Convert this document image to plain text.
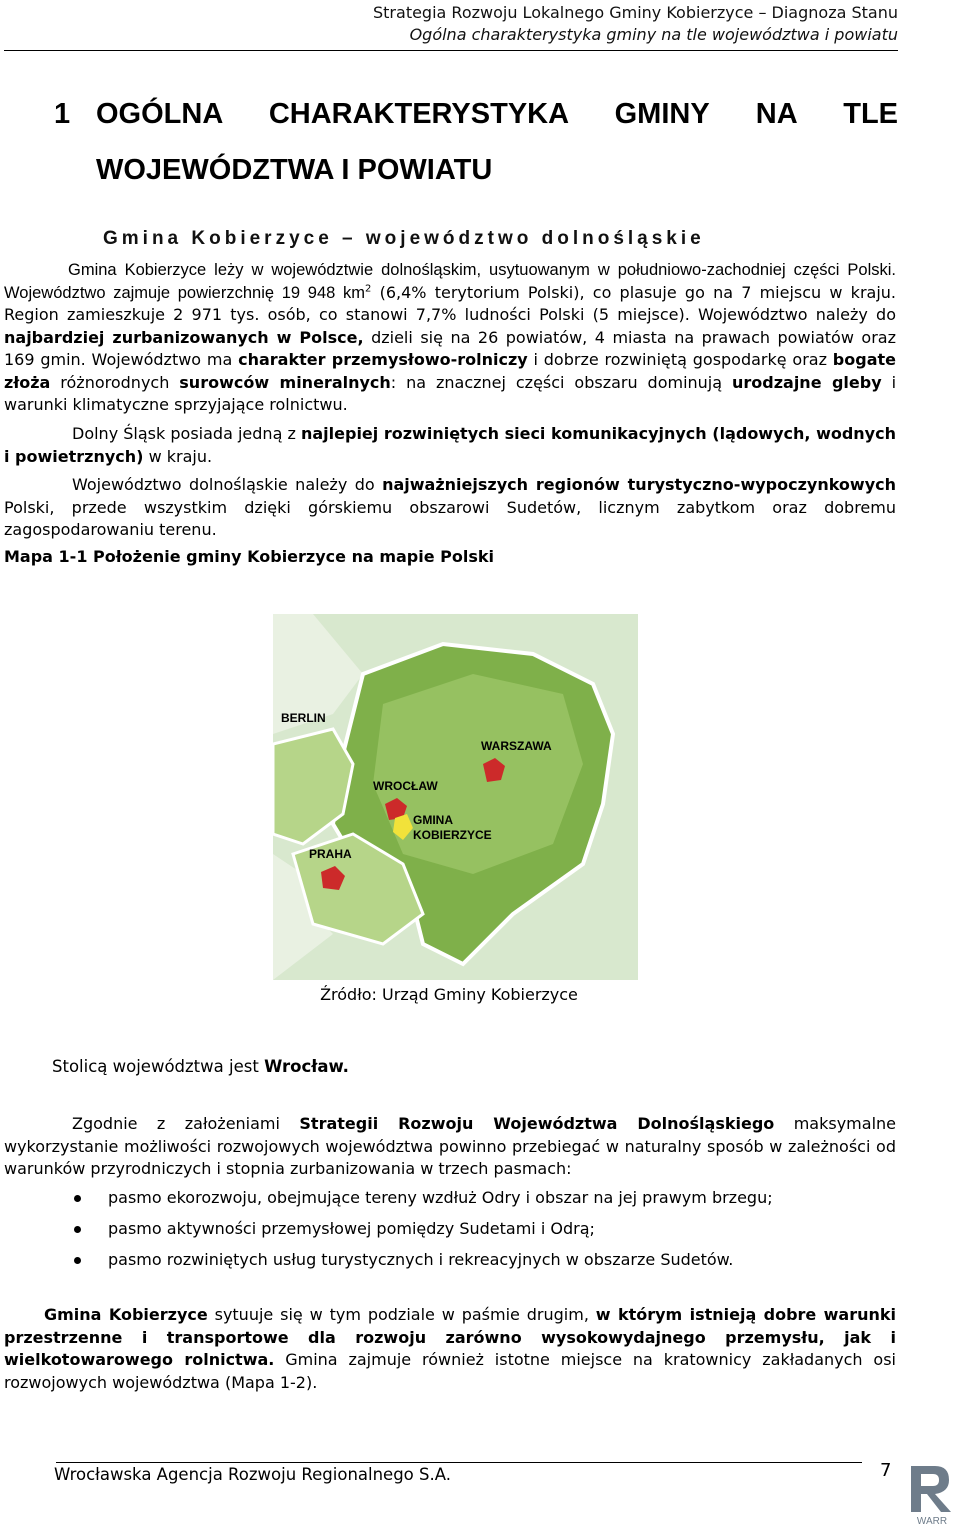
Strategia Rozwoju Lokalnego Gminy Kobierzyce – Diagnoza Stanu
Ogólna charakterystyka gminy na tle województwa i powiatu
1 OGÓLNA CHARAKTERYSTYKA GMINY NA TLE WOJEWÓDZTWA I POWIATU
Gmina Kobierzyce – województwo dolnośląskie
Gmina Kobierzyce leży w województwie dolnośląskim, usytuowanym w południowo-zachodniej części Polski. Województwo zajmuje powierzchnię 19 948 $km^2$ (6,4% terytorium Polski), co plasuje go na 7 miejscu w kraju. Region zamieszkuje 2 971 tys. osób, co stanowi 7,7% ludności Polski (5 miejsce). Województwo należy do najbardziej zurbanizowanych w Polsce, dzieli się na 26 powiatów, 4 miasta na prawach powiatów oraz 169 gmin. Województwo ma charakter przemysłowo-rolniczy i dobrze rozwiniętą gospodarkę oraz bogate złoża różnorodnych surowców mineralnych: na znacznej części obszaru dominują urodzajne gleby i warunki klimatyczne sprzyjające rolnictwu.
Dolny Śląsk posiada jedną z najlepiej rozwiniętych sieci komunikacyjnych (lądowych, wodnych i powietrznych) w kraju.
Województwo dolnośląskie należy do najważniejszych regionów turystyczno-wypoczynkowych Polski, przede wszystkim dzięki górskiemu obszarowi Sudetów, licznym zabytkom oraz dobremu zagospodarowaniu terenu.
Mapa 1-1 Położenie gminy Kobierzyce na mapie Polski
BERLIN
WARSZAWA
WROCŁAW
GMINA
KOBIERZYCE
PRAHA
Źródło: Urząd Gminy Kobierzyce
Stolicą województwa jest Wrocław.
Zgodnie z założeniami Strategii Rozwoju Województwa Dolnośląskiego maksymalne wykorzystanie możliwości rozwojowych województwa powinno przebiegać w naturalny sposób w zależności od warunków przyrodniczych i stopnia zurbanizowania w trzech pasmach:
pasmo ekorozwoju, obejmujące tereny wzdłuż Odry i obszar na jej prawym brzegu;
pasmo aktywności przemysłowej pomiędzy Sudetami i Odrą;
pasmo rozwiniętych usług turystycznych i rekreacyjnych w obszarze Sudetów.
Gmina Kobierzyce sytuuje się w tym podziale w paśmie drugim, w którym istnieją dobre warunki przestrzenne i transportowe dla rozwoju zarówno wysokowydajnego przemysłu, jak i wielkotowarowego rolnictwa. Gmina zajmuje również istotne miejsce na kratownicy zakładanych osi rozwojowych województwa (Mapa 1-2).
Wrocławska Agencja Rozwoju Regionalnego S.A.	7
WARR
